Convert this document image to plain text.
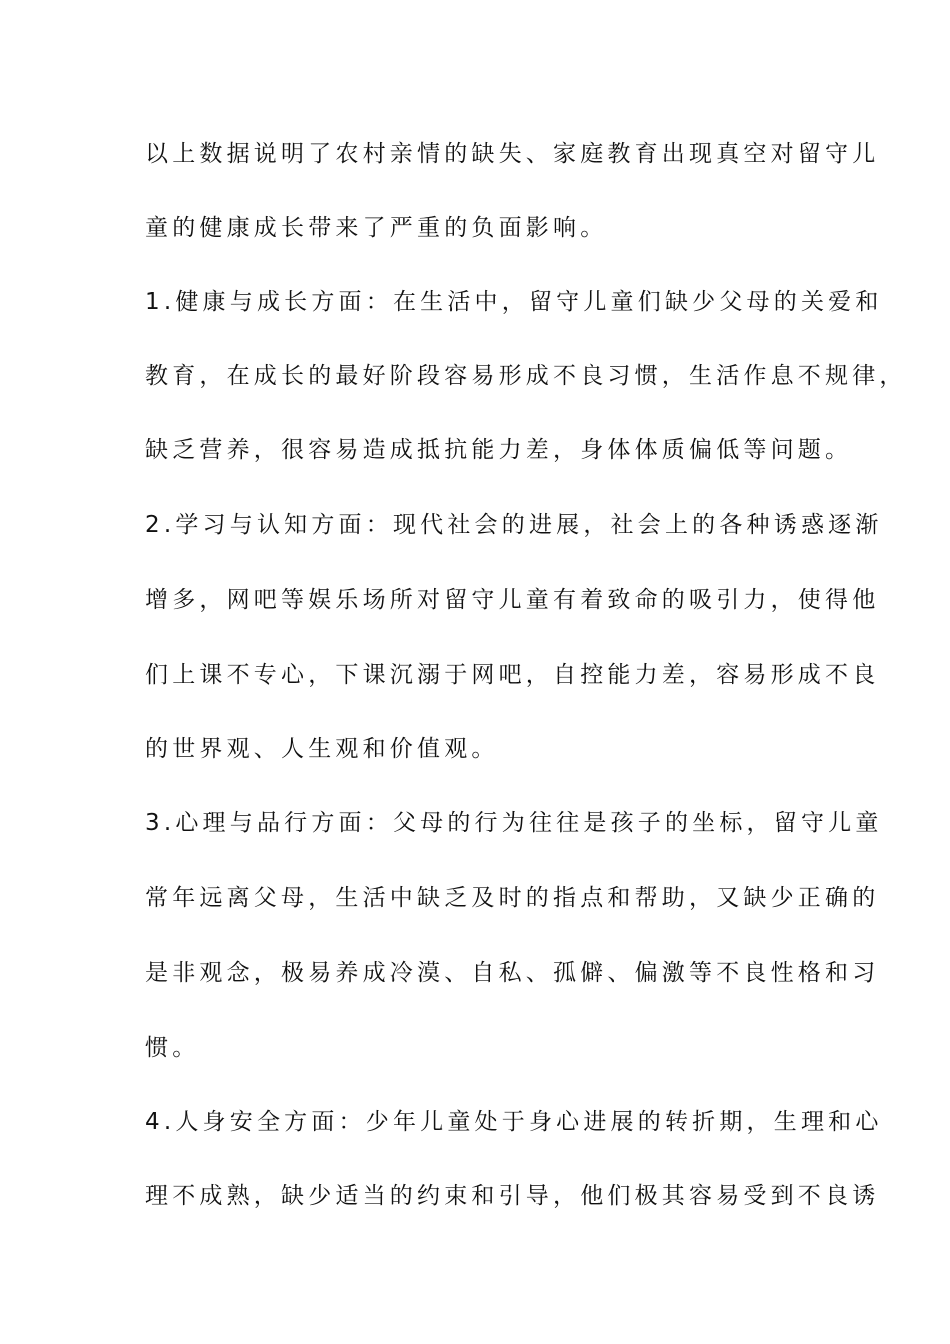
以上数据说明了农村亲情的缺失、家庭教育出现真空对留守儿
童的健康成长带来了严重的负面影响。
1.健康与成长方面：在生活中，留守儿童们缺少父母的关爱和
教育，在成长的最好阶段容易形成不良习惯，生活作息不规律，
缺乏营养，很容易造成抵抗能力差，身体体质偏低等问题。
2.学习与认知方面：现代社会的进展，社会上的各种诱惑逐渐
增多，网吧等娱乐场所对留守儿童有着致命的吸引力，使得他
们上课不专心，下课沉溺于网吧，自控能力差，容易形成不良
的世界观、人生观和价值观。
3.心理与品行方面：父母的行为往往是孩子的坐标，留守儿童
常年远离父母，生活中缺乏及时的指点和帮助，又缺少正确的
是非观念，极易养成冷漠、自私、孤僻、偏激等不良性格和习
惯。
4.人身安全方面：少年儿童处于身心进展的转折期，生理和心
理不成熟，缺少适当的约束和引导，他们极其容易受到不良诱
